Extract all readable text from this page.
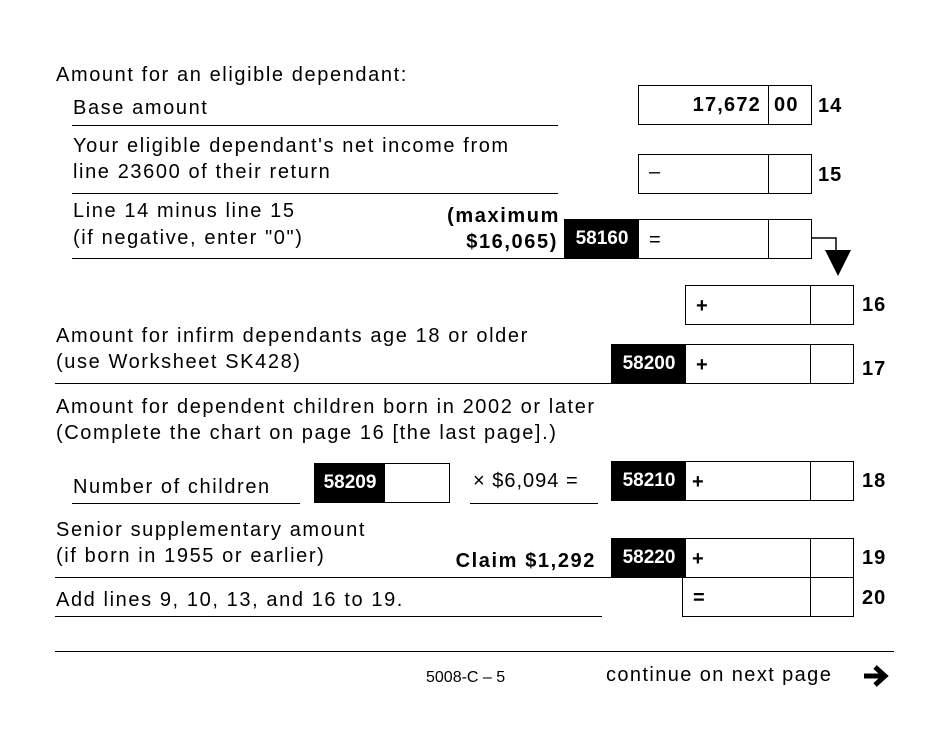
Amount for an eligible dependant:
Base amount	17,672 00 14
Your eligible dependant's net income from
line 23600 of their return	–	15
Line 14 minus line 15
(if negative, enter "0")
(maximum
$16,065) 58160	=
+	16
Amount for infirm dependants age 18 or older
(use Worksheet SK428)	58200	+	17
Amount for dependent children born in 2002 or later
(Complete the chart on page 16 [the last page].)
Number of children	58209	× $6,094 =	58210 +	18
Senior supplementary amount
(if born in 1955 or earlier)	Claim $1,292	58220 +	19
Add lines 9, 10, 13, and 16 to 19.	=	20
5008-C – 5	continue on next page
